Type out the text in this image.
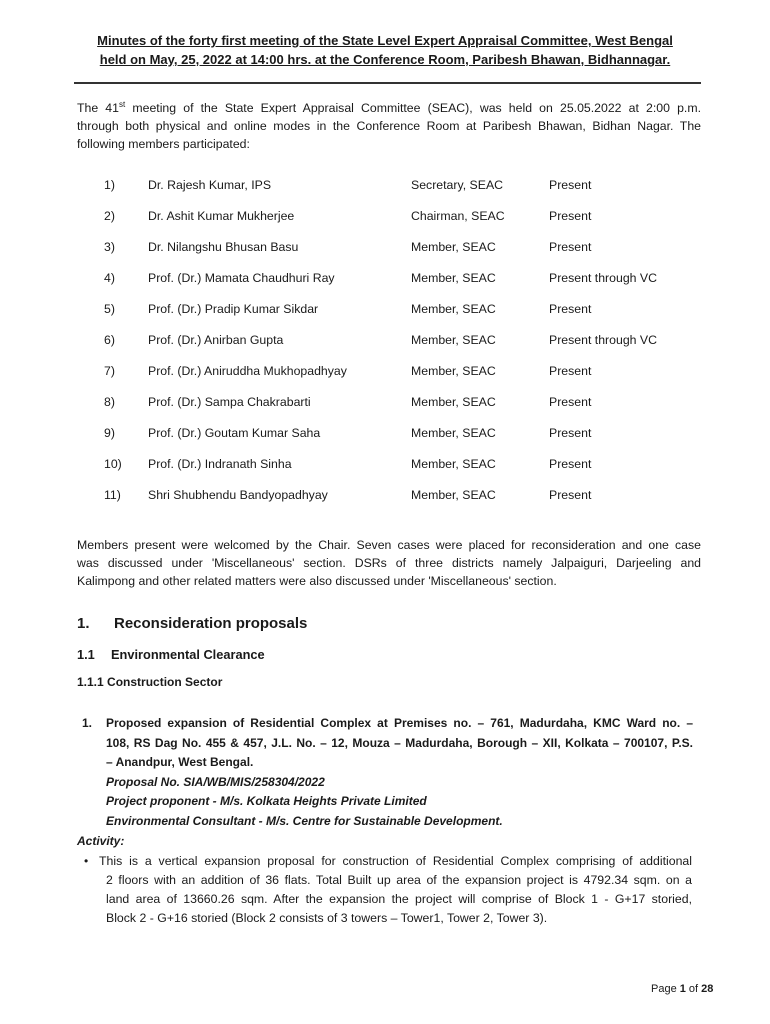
Minutes of the forty first meeting of the State Level Expert Appraisal Committee, West Bengal
held on May, 25, 2022 at 14:00 hrs. at the Conference Room, Paribesh Bhawan, Bidhannagar.
The 41st meeting of the State Expert Appraisal Committee (SEAC), was held on 25.05.2022 at 2:00 p.m.
through both physical and online modes in the Conference Room at Paribesh Bhawan, Bidhan Nagar. The
following members participated:
1)	Dr. Rajesh Kumar, IPS	Secretary, SEAC	Present
2)	Dr. Ashit Kumar Mukherjee	Chairman, SEAC	Present
3)	Dr. Nilangshu Bhusan Basu	Member, SEAC	Present
4)	Prof. (Dr.) Mamata Chaudhuri Ray	Member, SEAC	Present through VC
5)	Prof. (Dr.) Pradip Kumar Sikdar	Member, SEAC	Present
6)	Prof. (Dr.) Anirban Gupta	Member, SEAC	Present through VC
7)	Prof. (Dr.) Aniruddha Mukhopadhyay	Member, SEAC	Present
8)	Prof. (Dr.) Sampa Chakrabarti	Member, SEAC	Present
9)	Prof. (Dr.) Goutam Kumar Saha	Member, SEAC	Present
10) Prof. (Dr.) Indranath Sinha	Member, SEAC	Present
11) Shri Shubhendu Bandyopadhyay	Member, SEAC	Present
Members present were welcomed by the Chair. Seven cases were placed for reconsideration and one case
was discussed under 'Miscellaneous' section. DSRs of three districts namely Jalpaiguri, Darjeeling and
Kalimpong and other related matters were also discussed under 'Miscellaneous' section.
1. Reconsideration proposals
1.1 Environmental Clearance
1.1.1 Construction Sector
1. Proposed expansion of Residential Complex at Premises no. – 761, Madurdaha, KMC Ward no. –
108, RS Dag No. 455 & 457, J.L. No. – 12, Mouza – Madurdaha, Borough – XII, Kolkata – 700107, P.S.
– Anandpur, West Bengal.
Proposal No. SIA/WB/MIS/258304/2022
Project proponent - M/s. Kolkata Heights Private Limited
Environmental Consultant - M/s. Centre for Sustainable Development.
Activity:
• This is a vertical expansion proposal for construction of Residential Complex comprising of additional
2 floors with an addition of 36 flats. Total Built up area of the expansion project is 4792.34 sqm. on a
land area of 13660.26 sqm. After the expansion the project will comprise of Block 1 - G+17 storied,
Block 2 - G+16 storied (Block 2 consists of 3 towers – Tower1, Tower 2, Tower 3).
Page 1 of 28
